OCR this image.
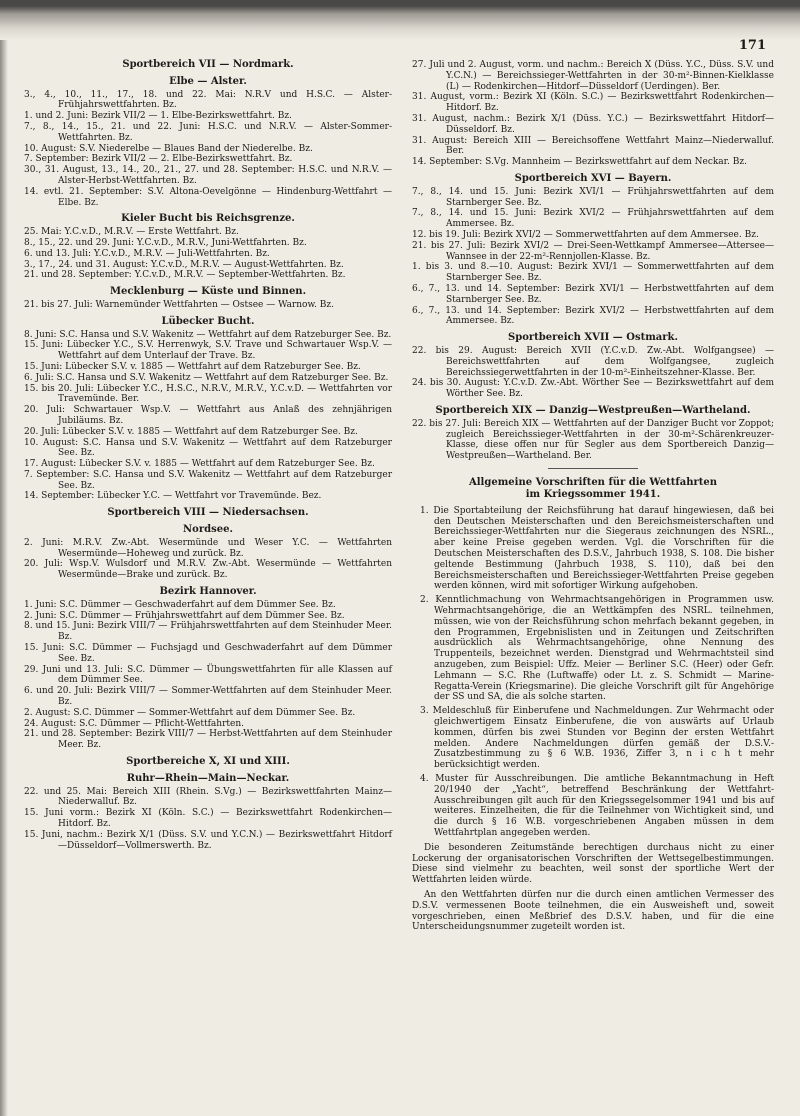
171
Sportbereich VII — Nordmark.
Elbe — Alster.

3., 4., 10., 11., 17., 18. und 22. Mai: N.R.V und H.S.C. — Alster-Frühjahrswettfahrten. Bz.

1. und 2. Juni: Bezirk VII/2 — 1. Elbe-Bezirkswettfahrt. Bz.

7., 8., 14., 15., 21. und 22. Juni: H.S.C. und N.R.V. — Alster-Sommer-Wettfahrten. Bz.

10. August: S.V. Niederelbe — Blaues Band der Niederelbe. Bz.

7. September: Bezirk VII/2 — 2. Elbe-Bezirkswettfahrt. Bz.

30., 31. August, 13., 14., 20., 21., 27. und 28. September: H.S.C. und N.R.V. — Alster-Herbst-Wettfahrten. Bz.

14. evtl. 21. September: S.V. Altona-Oevelgönne — Hindenburg-Wettfahrt — Elbe. Bz.

Kieler Bucht bis Reichsgrenze.

25. Mai: Y.C.v.D., M.R.V. — Erste Wettfahrt. Bz.

8., 15., 22. und 29. Juni: Y.C.v.D., M.R.V., Juni-Wettfahrten. Bz.

6. und 13. Juli: Y.C.v.D., M.R.V. — Juli-Wettfahrten. Bz.

3., 17., 24. und 31. August: Y.C.v.D., M.R.V. — August-Wettfahrten. Bz.

21. und 28. September: Y.C.v.D., M.R.V. — September-Wettfahrten. Bz.

Mecklenburg — Küste und Binnen.

21. bis 27. Juli: Warnemünder Wettfahrten — Ostsee — Warnow. Bz.

Lübecker Bucht.

8. Juni: S.C. Hansa und S.V. Wakenitz — Wettfahrt auf dem Ratzeburger See. Bz.

15. Juni: Lübecker Y.C., S.V. Herrenwyk, S.V. Trave und Schwartauer Wsp.V. — Wettfahrt auf dem Unterlauf der Trave. Bz.

15. Juni: Lübecker S.V. v. 1885 — Wettfahrt auf dem Ratzeburger See. Bz.

6. Juli: S.C. Hansa und S.V. Wakenitz — Wettfahrt auf dem Ratzeburger See. Bz.

15. bis 20. Juli: Lübecker Y.C., H.S.C., N.R.V., M.R.V., Y.C.v.D. — Wettfahrten vor Travemünde. Ber.

20. Juli: Schwartauer Wsp.V. — Wettfahrt aus Anlaß des zehnjährigen Jubiläums. Bz.

20. Juli: Lübecker S.V. v. 1885 — Wettfahrt auf dem Ratzeburger See. Bz.

10. August: S.C. Hansa und S.V. Wakenitz — Wettfahrt auf dem Ratzeburger See. Bz.

17. August: Lübecker S.V. v. 1885 — Wettfahrt auf dem Ratzeburger See. Bz.

7. September: S.C. Hansa und S.V. Wakenitz — Wettfahrt auf dem Ratzeburger See. Bz.

14. September: Lübecker Y.C. — Wettfahrt vor Travemünde. Bez.

Sportbereich VIII — Niedersachsen.
Nordsee.

2. Juni: M.R.V. Zw.-Abt. Wesermünde und Weser Y.C. — Wettfahrten Wesermünde—Hoheweg und zurück. Bz.

20. Juli: Wsp.V. Wulsdorf und M.R.V. Zw.-Abt. Wesermünde — Wettfahrten Wesermünde—Brake und zurück. Bz.

Bezirk Hannover.

1. Juni: S.C. Dümmer — Geschwaderfahrt auf dem Dümmer See. Bz.

2. Juni: S.C. Dümmer — Frühjahrswettfahrt auf dem Dümmer See. Bz.

8. und 15. Juni: Bezirk VIII/7 — Frühjahrswettfahrten auf dem Steinhuder Meer. Bz.

15. Juni: S.C. Dümmer — Fuchsjagd und Geschwaderfahrt auf dem Dümmer See. Bz.

29. Juni und 13. Juli: S.C. Dümmer — Übungswettfahrten für alle Klassen auf dem Dümmer See.

6. und 20. Juli: Bezirk VIII/7 — Sommer-Wettfahrten auf dem Steinhuder Meer. Bz.

2. August: S.C. Dümmer — Sommer-Wettfahrt auf dem Dümmer See. Bz.

24. August: S.C. Dümmer — Pflicht-Wettfahrten.

21. und 28. September: Bezirk VIII/7 — Herbst-Wettfahrten auf dem Steinhuder Meer. Bz.

Sportbereiche X, XI und XIII.
Ruhr—Rhein—Main—Neckar.

22. und 25. Mai: Bereich XIII (Rhein. S.Vg.) — Bezirkswettfahrten Mainz—Niederwalluf. Bz.

15. Juni vorm.: Bezirk XI (Köln. S.C.) — Bezirkswettfahrt Rodenkirchen—Hitdorf. Bz.

15. Juni, nachm.: Bezirk X/1 (Düss. S.V. und Y.C.N.) — Bezirkswettfahrt Hitdorf—Düsseldorf—Vollmerswerth. Bz.

27. Juli und 2. August, vorm. und nachm.: Bereich X (Düss. Y.C., Düss. S.V. und Y.C.N.) — Bereichssieger-Wettfahrten in der 30-m²-Binnen-Kielklasse (L) — Rodenkirchen—Hitdorf—Düsseldorf (Uerdingen). Ber.

31. August, vorm.: Bezirk XI (Köln. S.C.) — Bezirkswettfahrt Rodenkirchen—Hitdorf. Bz.

31. August, nachm.: Bezirk X/1 (Düss. Y.C.) — Bezirkswettfahrt Hitdorf—Düsseldorf. Bz.

31. August: Bereich XIII — Bereichsoffene Wettfahrt Mainz—Niederwalluf. Ber.

14. September: S.Vg. Mannheim — Bezirkswettfahrt auf dem Neckar. Bz.

Sportbereich XVI — Bayern.

7., 8., 14. und 15. Juni: Bezirk XVI/1 — Frühjahrswettfahrten auf dem Starnberger See. Bz.

7., 8., 14. und 15. Juni: Bezirk XVI/2 — Frühjahrswettfahrten auf dem Ammersee. Bz.

12. bis 19. Juli: Bezirk XVI/2 — Sommerwettfahrten auf dem Ammersee. Bz.

21. bis 27. Juli: Bezirk XVI/2 — Drei-Seen-Wettkampf Ammersee—Attersee—Wannsee in der 22-m²-Rennjollen-Klasse. Bz.

1. bis 3. und 8.—10. August: Bezirk XVI/1 — Sommerwettfahrten auf dem Starnberger See. Bz.

6., 7., 13. und 14. September: Bezirk XVI/1 — Herbstwettfahrten auf dem Starnberger See. Bz.

6., 7., 13. und 14. September: Bezirk XVI/2 — Herbstwettfahrten auf dem Ammersee. Bz.

Sportbereich XVII — Ostmark.

22. bis 29. August: Bereich XVII (Y.C.v.D. Zw.-Abt. Wolfgangsee) — Bereichswettfahrten auf dem Wolfgangsee, zugleich Bereichssiegerwettfahrten in der 10-m²-Einheitszehner-Klasse. Ber.

24. bis 30. August: Y.C.v.D. Zw.-Abt. Wörther See — Bezirkswettfahrt auf dem Wörther See. Bz.

Sportbereich XIX — Danzig—Westpreußen—Wartheland.

22. bis 27. Juli: Bereich XIX — Wettfahrten auf der Danziger Bucht vor Zoppot; zugleich Bereichssieger-Wettfahrten in der 30-m²-Schärenkreuzer-Klasse, diese offen nur für Segler aus dem Sportbereich Danzig—Westpreußen—Wartheland. Ber.

Allgemeine Vorschriften für die Wettfahrten
im Kriegssommer 1941.

1. Die Sportabteilung der Reichsführung hat darauf hingewiesen, daß bei den Deutschen Meisterschaften und den Bereichsmeisterschaften und Bereichssieger-Wettfahrten nur die Siegeraus zeichnungen des NSRL., aber keine Preise gegeben werden. Vgl. die Vorschriften für die Deutschen Meisterschaften des D.S.V., Jahrbuch 1938, S. 108. Die bisher geltende Bestimmung (Jahrbuch 1938, S. 110), daß bei den Bereichsmeisterschaften und Bereichssieger-Wettfahrten Preise gegeben werden können, wird mit sofortiger Wirkung aufgehoben.

2. Kenntlichmachung von Wehrmachtsangehörigen in Programmen usw. Wehrmachtsangehörige, die an Wettkämpfen des NSRL. teilnehmen, müssen, wie von der Reichsführung schon mehrfach bekannt gegeben, in den Programmen, Ergebnislisten und in Zeitungen und Zeitschriften ausdrücklich als Wehrmachtsangehörige, ohne Nennung des Truppenteils, bezeichnet werden. Dienstgrad und Wehrmachtsteil sind anzugeben, zum Beispiel: Uffz. Meier — Berliner S.C. (Heer) oder Gefr. Lehmann — S.C. Rhe (Luftwaffe) oder Lt. z. S. Schmidt — Marine-Regatta-Verein (Kriegsmarine). Die gleiche Vorschrift gilt für Angehörige der SS und SA, die als solche starten.

3. Meldeschluß für Einberufene und Nachmeldungen. Zur Wehrmacht oder gleichwertigem Einsatz Einberufene, die von auswärts auf Urlaub kommen, dürfen bis zwei Stunden vor Beginn der ersten Wettfahrt melden. Andere Nachmeldungen dürfen gemäß der D.S.V.-Zusatzbestimmung zu § 6 W.B. 1936, Ziffer 3, n i c h t mehr berücksichtigt werden.

4. Muster für Ausschreibungen. Die amtliche Bekanntmachung in Heft 20/1940 der „Yacht“, betreffend Beschränkung der Wettfahrt-Ausschreibungen gilt auch für den Kriegssegelsommer 1941 und bis auf weiteres. Einzelheiten, die für die Teilnehmer von Wichtigkeit sind, und die durch § 16 W.B. vorgeschriebenen Angaben müssen in dem Wettfahrtplan angegeben werden.

Die besonderen Zeitumstände berechtigen durchaus nicht zu einer Lockerung der organisatorischen Vorschriften der Wettsegelbestimmungen. Diese sind vielmehr zu beachten, weil sonst der sportliche Wert der Wettfahrten leiden würde.

An den Wettfahrten dürfen nur die durch einen amtlichen Vermesser des D.S.V. vermessenen Boote teilnehmen, die ein Ausweisheft und, soweit vorgeschrieben, einen Meßbrief des D.S.V. haben, und für die eine Unterscheidungsnummer zugeteilt worden ist.
